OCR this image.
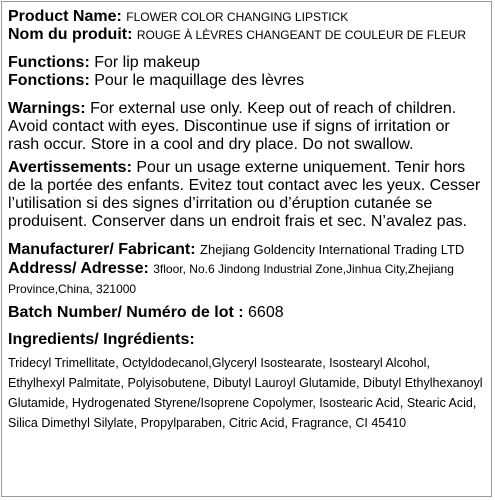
Product Name: FLOWER COLOR CHANGING LIPSTICK
Nom du produit: ROUGE À LÈVRES CHANGEANT DE COULEUR DE FLEUR
Functions: For lip makeup
Fonctions: Pour le maquillage des lèvres

Warnings: For external use only. Keep out of reach of children. Avoid contact with eyes. Discontinue use if signs of irritation or rash occur. Store in a cool and dry place. Do not swallow.

Avertissements: Pour un usage externe uniquement. Tenir hors de la portée des enfants. Evitez tout contact avec les yeux. Cesser l’utilisation si des signes d’irritation ou d’éruption cutanée se produisent. Conserver dans un endroit frais et sec. N’avalez pas.

Manufacturer/ Fabricant: Zhejiang Goldencity International Trading LTD

Address/ Adresse: 3floor, No.6 Jindong Industrial Zone,Jinhua City,Zhejiang Province,China, 321000

Batch Number/ Numéro de lot : 6608
Ingredients/ Ingrédients:

Tridecyl Trimellitate, Octyldodecanol,Glyceryl Isostearate, Isostearyl Alcohol, Ethylhexyl Palmitate, Polyisobutene, Dibutyl Lauroyl Glutamide, Dibutyl Ethylhexanoyl Glutamide, Hydrogenated Styrene/Isoprene Copolymer, Isostearic Acid, Stearic Acid, Silica Dimethyl Silylate, Propylparaben, Citric Acid, Fragrance, CI 45410
